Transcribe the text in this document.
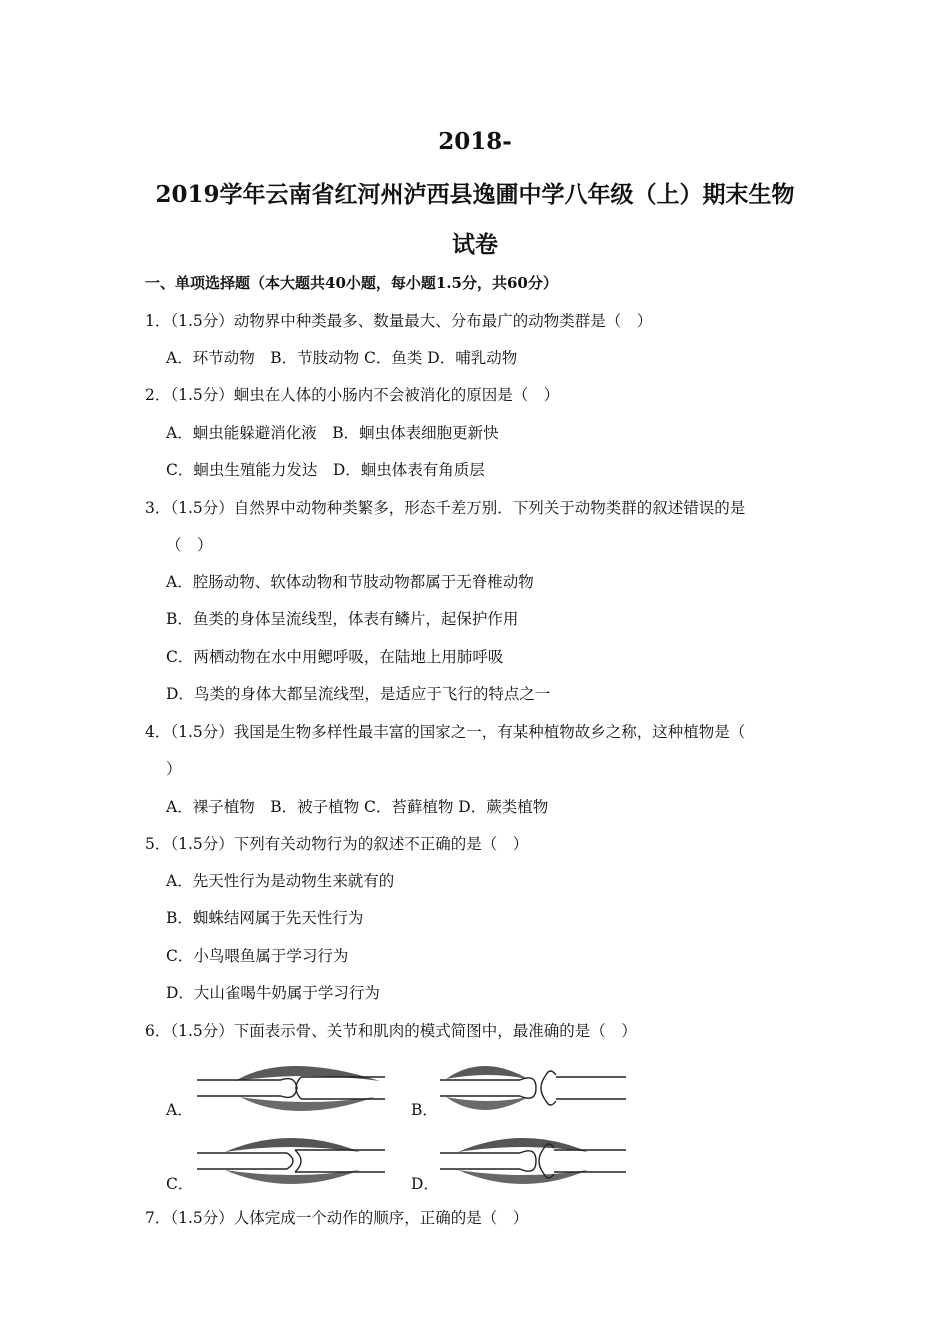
2018-
2019学年云南省红河州泸西县逸圃中学八年级（上）期末生物
试卷
一、单项选择题（本大题共40小题，每小题1.5分，共60分）
1．（1.5分）动物界中种类最多、数量最大、分布最广的动物类群是（　）
A．环节动物　B．节肢动物 C．鱼类 D．哺乳动物
2．（1.5分）蛔虫在人体的小肠内不会被消化的原因是（　）
A．蛔虫能躲避消化液　B．蛔虫体表细胞更新快
C．蛔虫生殖能力发达　D．蛔虫体表有角质层
3．（1.5分）自然界中动物种类繁多，形态千差万别．下列关于动物类群的叙述错误的是
（　）
A．腔肠动物、软体动物和节肢动物都属于无脊椎动物
B．鱼类的身体呈流线型，体表有鳞片，起保护作用
C．两栖动物在水中用鳃呼吸，在陆地上用肺呼吸
D．鸟类的身体大都呈流线型，是适应于飞行的特点之一
4．（1.5分）我国是生物多样性最丰富的国家之一，有某种植物故乡之称，这种植物是（
）
A．裸子植物　B．被子植物 C．苔藓植物 D．蕨类植物
5．（1.5分）下列有关动物行为的叙述不正确的是（　）
A．先天性行为是动物生来就有的
B．蜘蛛结网属于先天性行为
C．小鸟喂鱼属于学习行为
D．大山雀喝牛奶属于学习行为
6．（1.5分）下面表示骨、关节和肌肉的模式简图中，最准确的是（　）
A．	B．
C．	D．
7．（1.5分）人体完成一个动作的顺序，正确的是（　）
